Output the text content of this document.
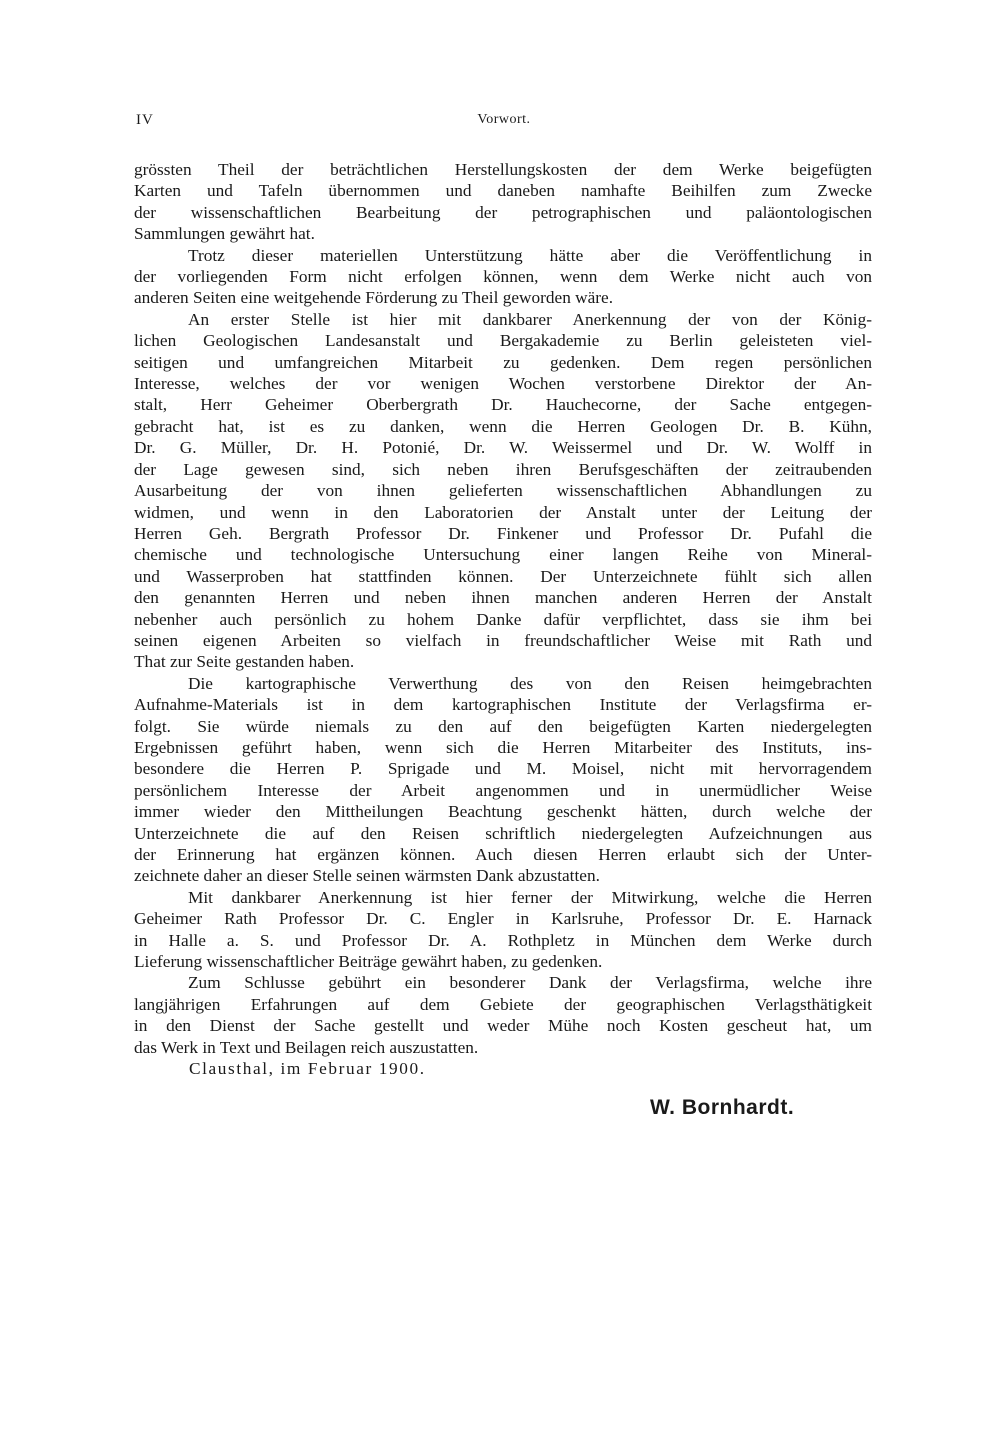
IV	Vorwort.

grössten Theil der beträchtlichen Herstellungskosten der dem Werke beigefügten
Karten und Tafeln übernommen und daneben namhafte Beihilfen zum Zwecke
der wissenschaftlichen Bearbeitung der petrographischen und paläontologischen
Sammlungen gewährt hat.

Trotz dieser materiellen Unterstützung hätte aber die Veröffentlichung in
der vorliegenden Form nicht erfolgen können, wenn dem Werke nicht auch von
anderen Seiten eine weitgehende Förderung zu Theil geworden wäre.

An erster Stelle ist hier mit dankbarer Anerkennung der von der König-
lichen Geologischen Landesanstalt und Bergakademie zu Berlin geleisteten viel-
seitigen und umfangreichen Mitarbeit zu gedenken. Dem regen persönlichen
Interesse, welches der vor wenigen Wochen verstorbene Direktor der An-
stalt, Herr Geheimer Oberbergrath Dr. Hauchecorne, der Sache entgegen-
gebracht hat, ist es zu danken, wenn die Herren Geologen Dr. B. Kühn,
Dr. G. Müller, Dr. H. Potonié, Dr. W. Weissermel und Dr. W. Wolff in
der Lage gewesen sind, sich neben ihren Berufsgeschäften der zeitraubenden
Ausarbeitung der von ihnen gelieferten wissenschaftlichen Abhandlungen zu
widmen, und wenn in den Laboratorien der Anstalt unter der Leitung der
Herren Geh. Bergrath Professor Dr. Finkener und Professor Dr. Pufahl die
chemische und technologische Untersuchung einer langen Reihe von Mineral-
und Wasserproben hat stattfinden können. Der Unterzeichnete fühlt sich allen
den genannten Herren und neben ihnen manchen anderen Herren der Anstalt
nebenher auch persönlich zu hohem Danke dafür verpflichtet, dass sie ihm bei
seinen eigenen Arbeiten so vielfach in freundschaftlicher Weise mit Rath und
That zur Seite gestanden haben.

Die kartographische Verwerthung des von den Reisen heimgebrachten
Aufnahme-Materials ist in dem kartographischen Institute der Verlagsfirma er-
folgt. Sie würde niemals zu den auf den beigefügten Karten niedergelegten
Ergebnissen geführt haben, wenn sich die Herren Mitarbeiter des Instituts, ins-
besondere die Herren P. Sprigade und M. Moisel, nicht mit hervorragendem
persönlichem Interesse der Arbeit angenommen und in unermüdlicher Weise
immer wieder den Mittheilungen Beachtung geschenkt hätten, durch welche der
Unterzeichnete die auf den Reisen schriftlich niedergelegten Aufzeichnungen aus
der Erinnerung hat ergänzen können. Auch diesen Herren erlaubt sich der Unter-
zeichnete daher an dieser Stelle seinen wärmsten Dank abzustatten.

Mit dankbarer Anerkennung ist hier ferner der Mitwirkung, welche die Herren
Geheimer Rath Professor Dr. C. Engler in Karlsruhe, Professor Dr. E. Harnack
in Halle a. S. und Professor Dr. A. Rothpletz in München dem Werke durch
Lieferung wissenschaftlicher Beiträge gewährt haben, zu gedenken.

Zum Schlusse gebührt ein besonderer Dank der Verlagsfirma, welche ihre
langjährigen Erfahrungen auf dem Gebiete der geographischen Verlagsthätigkeit
in den Dienst der Sache gestellt und weder Mühe noch Kosten gescheut hat, um
das Werk in Text und Beilagen reich auszustatten.

Clausthal, im Februar 1900.
W. Bornhardt.
